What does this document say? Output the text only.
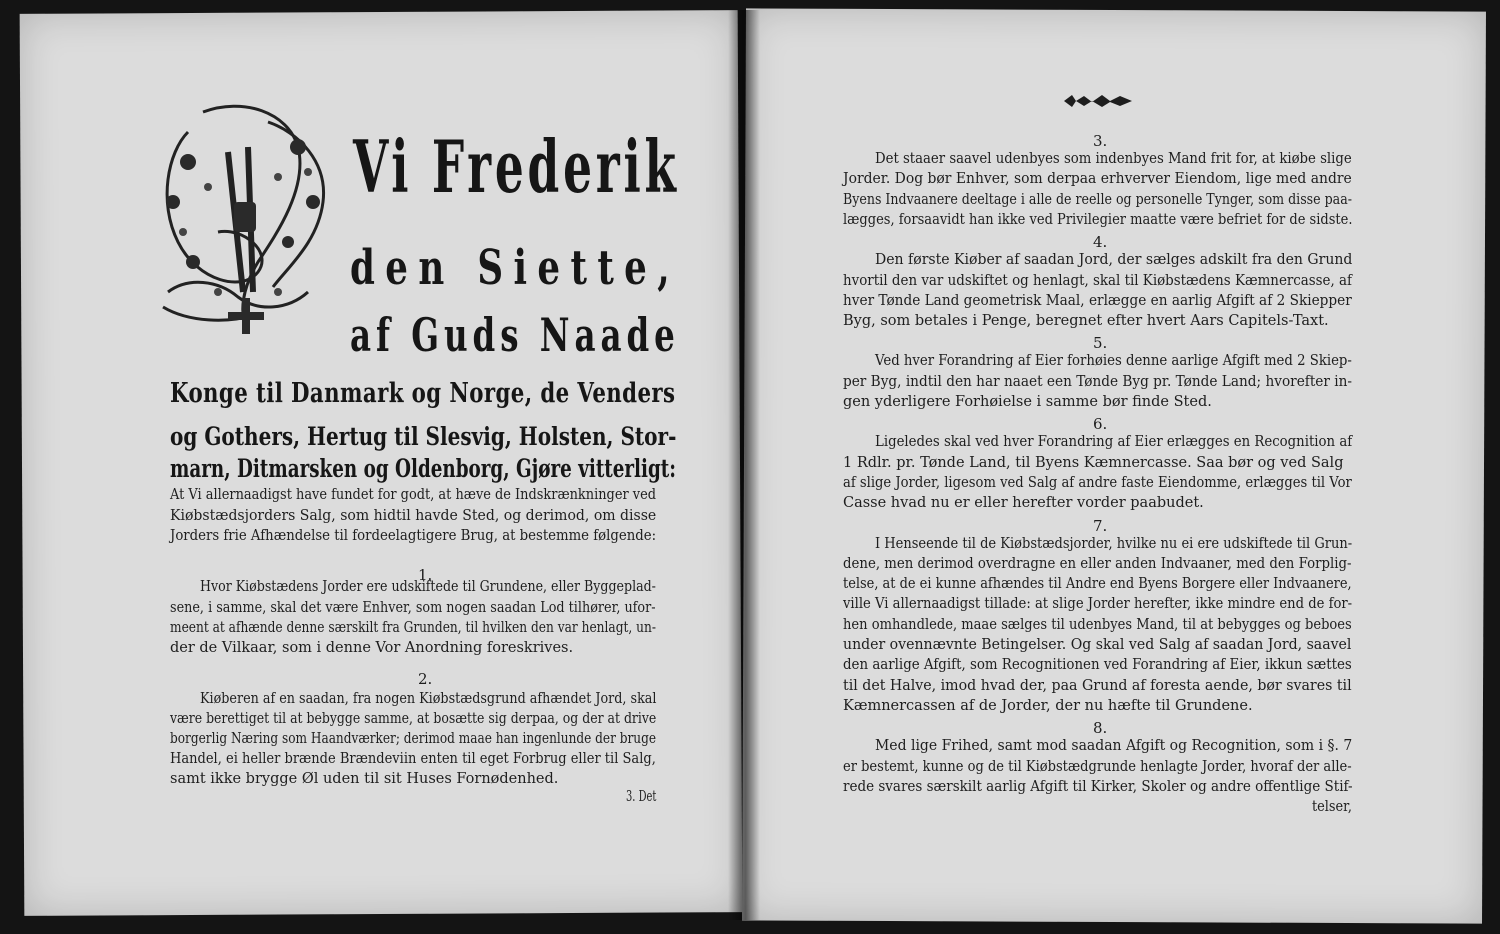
Vi Frederik
den Siette,
af Guds Naade
Konge til Danmark og Norge, de Venders
og Gothers, Hertug til Slesvig, Holsten, Stor-
marn, Ditmarsken og Oldenborg, Gjøre vitterligt:
At Vi allernaadigst have fundet for godt, at hæve de Indskrænkninger ved
Kiøbstædsjorders Salg, som hidtil havde Sted, og derimod, om disse
Jorders frie Afhændelse til fordeelagtigere Brug, at bestemme følgende:
1.
Hvor Kiøbstædens Jorder ere udskiftede til Grundene, eller Byggeplad-
sene, i samme, skal det være Enhver, som nogen saadan Lod tilhører, ufor-
meent at afhænde denne særskilt fra Grunden, til hvilken den var henlagt, un-
der de Vilkaar, som i denne Vor Anordning foreskrives.
2.
Kiøberen af en saadan, fra nogen Kiøbstædsgrund afhændet Jord, skal
være berettiget til at bebygge samme, at bosætte sig derpaa, og der at drive
borgerlig Næring som Haandværker; derimod maae han ingenlunde der bruge
Handel, ei heller brænde Brændeviin enten til eget Forbrug eller til Salg,
samt ikke brygge Øl uden til sit Huses Fornødenhed.
3. Det
3.
Det staaer saavel udenbyes som indenbyes Mand frit for, at kiøbe slige
Jorder. Dog bør Enhver, som derpaa erhverver Eiendom, lige med andre
Byens Indvaanere deeltage i alle de reelle og personelle Tynger, som disse paa-
lægges, forsaavidt han ikke ved Privilegier maatte være befriet for de sidste.
4.
Den første Kiøber af saadan Jord, der sælges adskilt fra den Grund
hvortil den var udskiftet og henlagt, skal til Kiøbstædens Kæmnercasse, af
hver Tønde Land geometrisk Maal, erlægge en aarlig Afgift af 2 Skiepper
Byg, som betales i Penge, beregnet efter hvert Aars Capitels-Taxt.
5.
Ved hver Forandring af Eier forhøies denne aarlige Afgift med 2 Skiep-
per Byg, indtil den har naaet een Tønde Byg pr. Tønde Land; hvorefter in-
gen yderligere Forhøielse i samme bør finde Sted.
6.
Ligeledes skal ved hver Forandring af Eier erlægges en Recognition af
1 Rdlr. pr. Tønde Land, til Byens Kæmnercasse. Saa bør og ved Salg
af slige Jorder, ligesom ved Salg af andre faste Eiendomme, erlægges til Vor
Casse hvad nu er eller herefter vorder paabudet.
7.
I Henseende til de Kiøbstædsjorder, hvilke nu ei ere udskiftede til Grun-
dene, men derimod overdragne en eller anden Indvaaner, med den Forplig-
telse, at de ei kunne afhændes til Andre end Byens Borgere eller Indvaanere,
ville Vi allernaadigst tillade: at slige Jorder herefter, ikke mindre end de for-
hen omhandlede, maae sælges til udenbyes Mand, til at bebygges og beboes
under ovennævnte Betingelser. Og skal ved Salg af saadan Jord, saavel
den aarlige Afgift, som Recognitionen ved Forandring af Eier, ikkun sættes
til det Halve, imod hvad der, paa Grund af foresta aende, bør svares til
Kæmnercassen af de Jorder, der nu hæfte til Grundene.
8.
Med lige Frihed, samt mod saadan Afgift og Recognition, som i §. 7
er bestemt, kunne og de til Kiøbstædgrunde henlagte Jorder, hvoraf der alle-
rede svares særskilt aarlig Afgift til Kirker, Skoler og andre offentlige Stif-
telser,
